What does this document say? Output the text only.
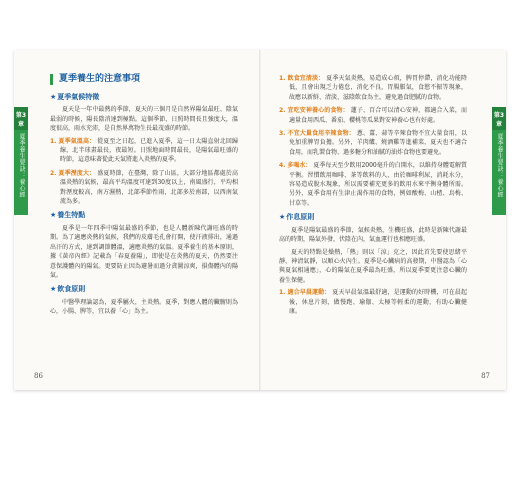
第3章
夏季養生要訣：養心經
第3章
夏季養生要訣：養心經
夏季養生的注意事項
★夏季氣候特徵

夏天是一年中最熱的季節，夏天的三個月是自然界陽氣最旺、陰氣最弱的時候，陽長陰消達到極點。這個季節，日照時間長且強度大，溫度很高，雨水充沛，是自然界萬物生長最茂盛的時節。

1. 夏季氣溫高： 從夏至之日起，已進入夏季，這一日太陽直射北回歸線，北半球畫最長，夜最短。日照地面時間最長，是陽氣最旺盛的時節，這意味著從此天氣將進入炎熱的夏季。
2. 夏季溼度大： 盛夏時節，在臺灣，除了山區，大部分地區都處於高溫炎熱的氣候，最高平均溫度可達到30度以上，南風盛行，平均相對溼度較高，南方濕熱，北部季節性雨，北部多於南部，以西南氣流為多。
★養生特點

夏季是一年四季中陽氣最盛的季節，也是人體新陳代謝旺盛的時期。為了適應炎熱的氣候，我們的皮膚毛孔會打開，使汗液排出，通過出汗的方式，達到調節體溫，適應炎熱的氣溫。夏季養生的基本原則，據《黃帝內經》記載為「春夏養陽」，即使是在炎熱的夏天，仍然要注意保護體內的陽氣。更要防止因為避暑而過分貪圖涼爽，損傷體內的陽氣。

★飲食原則

中醫學理論認為，夏季屬火，主炎熱。夏季，對應人體的臟腑則為心，小腸、脾等，宜以養「心」為主。

86
1. 飲食宜清淡： 夏季天氣炎熱，易造成心煩，脾胃停滯，消化功能降低，且會出現乏力倦怠，消化不良，胃腸脹氣，食慾不振等現象，故應以新鮮、清淡、滋陰飲食為主，避免過食肥膩的食物。
2. 宜吃安神養心的食物： 蓮子、百合可以清心安神，都適合入菜，而適量食用西瓜、番茄、櫻桃等瓜果對安神養心也有好處。
3. 不宜大量食用辛辣食物： 蔥、薑、蒜等辛辣食物不宜大量食用，以免加重脾胃負擔。另外，羊肉爐、燒酒雞等進補菜，夏天也不適合食用，而乳製食物、過多糖分和油膩的油炸食物也要避免。
4. 多喝水： 夏季每天至少飲用2000毫升的白開水，以維持身體電解質平衡。習慣飲用咖啡、茶等飲料的人，由於咖啡利尿，消耗水分，容易造成脫水現象，所以需要補充更多的飲用水來平衡身體所需。另外，夏季食用有生津止渴作用的食物，例如酸梅、山楂、烏梅、甘草等。
★作息原則

夏季是陽氣最盛的季節，氣候炎熱，生機旺盛，此時是新陳代謝最高的時期，陽氣外發，伏陰在內，氣血運行也相應旺盛。

夏天的特點是燥熱，「熱」則以「涼」克之，因此首先要使思緒平靜，神清氣靜，以順心火內生。夏季是心臟病的高發期，中醫認為「心與夏氣相通應」，心的陽氣在夏季最為旺盛，所以夏季要更注意心臟的養生保健。

1. 適合早晨運動： 夏天早晨氣溫最舒適，是運動的好時機，可在晨起後，休息片刻，做慢跑、瑜伽、太極等輕柔的運動，有助心臟健康。
87
